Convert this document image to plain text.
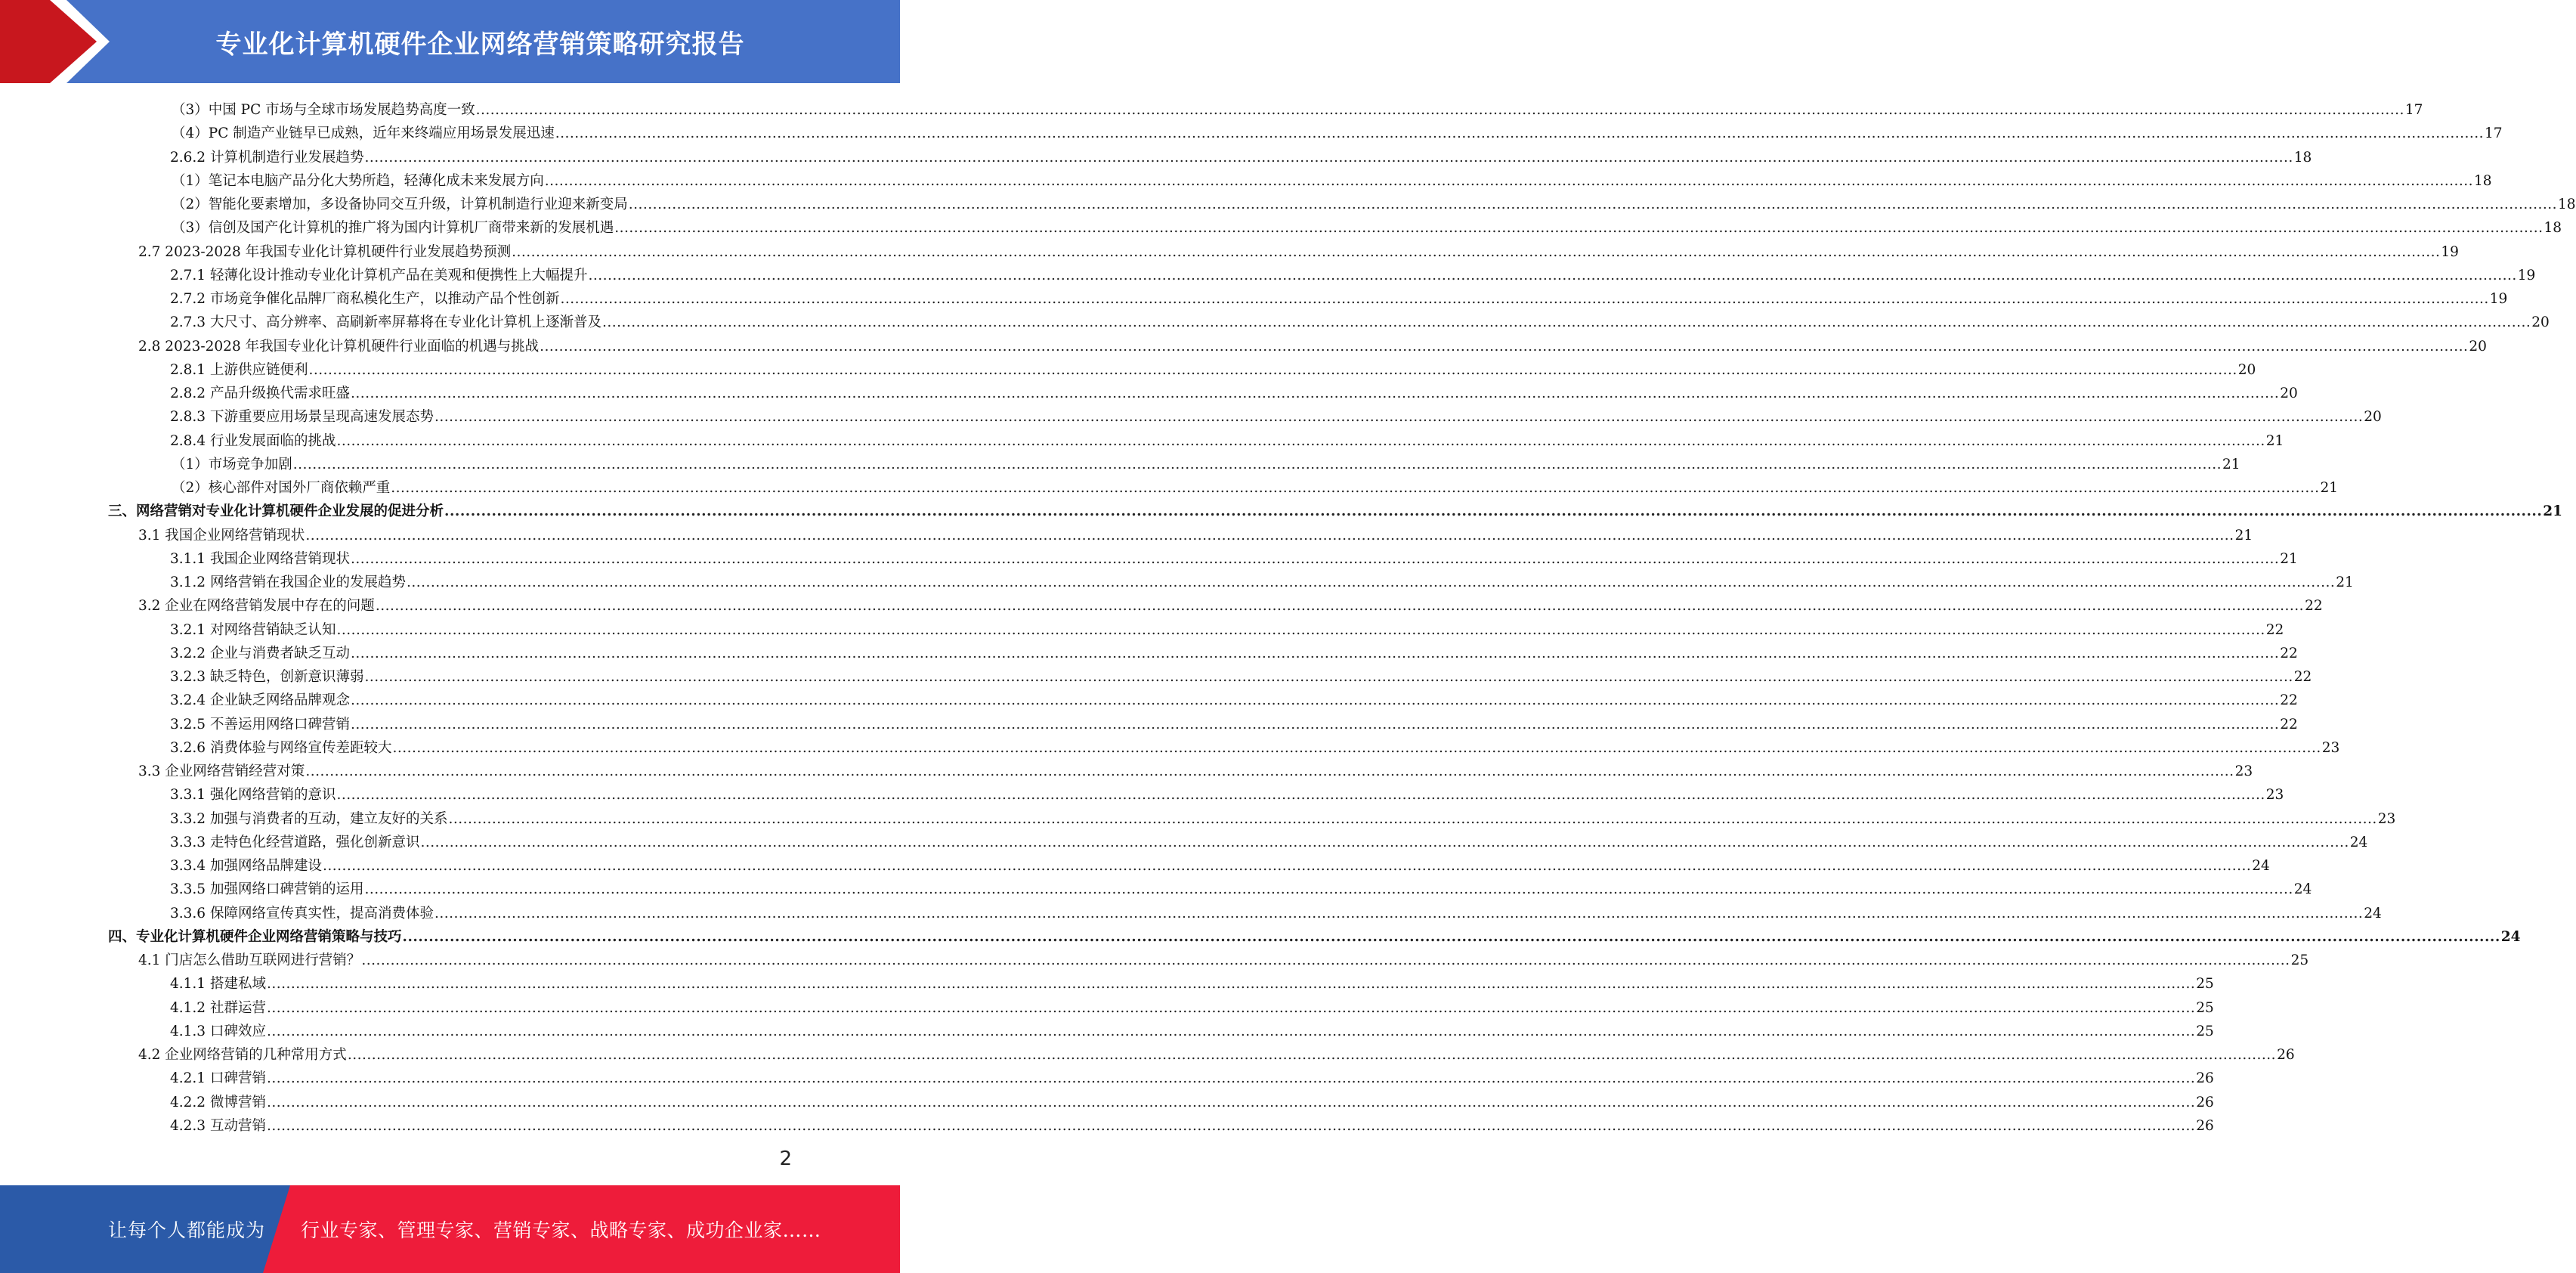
专业化计算机硬件企业网络营销策略研究报告
（3）中国 PC 市场与全球市场发展趋势高度一致 ................................................................................................................................................................................................................................................................................................................................................................................................................ 17
（4）PC 制造产业链早已成熟，近年来终端应用场景发展迅速 ................................................................................................................................................................................................................................................................................................................................................................................................................ 17
2.6.2 计算机制造行业发展趋势 ................................................................................................................................................................................................................................................................................................................................................................................................................ 18
（1）笔记本电脑产品分化大势所趋，轻薄化成未来发展方向 ................................................................................................................................................................................................................................................................................................................................................................................................................ 18
（2）智能化要素增加，多设备协同交互升级，计算机制造行业迎来新变局 ................................................................................................................................................................................................................................................................................................................................................................................................................ 18
（3）信创及国产化计算机的推广将为国内计算机厂商带来新的发展机遇 ................................................................................................................................................................................................................................................................................................................................................................................................................ 18
2.7 2023-2028 年我国专业化计算机硬件行业发展趋势预测 ................................................................................................................................................................................................................................................................................................................................................................................................................ 19
2.7.1 轻薄化设计推动专业化计算机产品在美观和便携性上大幅提升 ................................................................................................................................................................................................................................................................................................................................................................................................................ 19
2.7.2 市场竞争催化品牌厂商私模化生产，以推动产品个性创新 ................................................................................................................................................................................................................................................................................................................................................................................................................ 19
2.7.3 大尺寸、高分辨率、高刷新率屏幕将在专业化计算机上逐渐普及 ................................................................................................................................................................................................................................................................................................................................................................................................................ 20
2.8 2023-2028 年我国专业化计算机硬件行业面临的机遇与挑战 ................................................................................................................................................................................................................................................................................................................................................................................................................ 20
2.8.1 上游供应链便利 ................................................................................................................................................................................................................................................................................................................................................................................................................ 20
2.8.2 产品升级换代需求旺盛 ................................................................................................................................................................................................................................................................................................................................................................................................................ 20
2.8.3 下游重要应用场景呈现高速发展态势 ................................................................................................................................................................................................................................................................................................................................................................................................................ 20
2.8.4 行业发展面临的挑战 ................................................................................................................................................................................................................................................................................................................................................................................................................ 21
（1）市场竞争加剧 ................................................................................................................................................................................................................................................................................................................................................................................................................ 21
（2）核心部件对国外厂商依赖严重 ................................................................................................................................................................................................................................................................................................................................................................................................................ 21
三、网络营销对专业化计算机硬件企业发展的促进分析 ................................................................................................................................................................................................................................................................................................................................................................................................................ 21
3.1 我国企业网络营销现状 ................................................................................................................................................................................................................................................................................................................................................................................................................ 21
3.1.1 我国企业网络营销现状 ................................................................................................................................................................................................................................................................................................................................................................................................................ 21
3.1.2 网络营销在我国企业的发展趋势 ................................................................................................................................................................................................................................................................................................................................................................................................................ 21
3.2 企业在网络营销发展中存在的问题 ................................................................................................................................................................................................................................................................................................................................................................................................................ 22
3.2.1 对网络营销缺乏认知 ................................................................................................................................................................................................................................................................................................................................................................................................................ 22
3.2.2 企业与消费者缺乏互动 ................................................................................................................................................................................................................................................................................................................................................................................................................ 22
3.2.3 缺乏特色，创新意识薄弱 ................................................................................................................................................................................................................................................................................................................................................................................................................ 22
3.2.4 企业缺乏网络品牌观念 ................................................................................................................................................................................................................................................................................................................................................................................................................ 22
3.2.5 不善运用网络口碑营销 ................................................................................................................................................................................................................................................................................................................................................................................................................ 22
3.2.6 消费体验与网络宣传差距较大 ................................................................................................................................................................................................................................................................................................................................................................................................................ 23
3.3 企业网络营销经营对策 ................................................................................................................................................................................................................................................................................................................................................................................................................ 23
3.3.1 强化网络营销的意识 ................................................................................................................................................................................................................................................................................................................................................................................................................ 23
3.3.2 加强与消费者的互动，建立友好的关系 ................................................................................................................................................................................................................................................................................................................................................................................................................ 23
3.3.3 走特色化经营道路，强化创新意识 ................................................................................................................................................................................................................................................................................................................................................................................................................ 24
3.3.4 加强网络品牌建设 ................................................................................................................................................................................................................................................................................................................................................................................................................ 24
3.3.5 加强网络口碑营销的运用 ................................................................................................................................................................................................................................................................................................................................................................................................................ 24
3.3.6 保障网络宣传真实性，提高消费体验 ................................................................................................................................................................................................................................................................................................................................................................................................................ 24
四、专业化计算机硬件企业网络营销策略与技巧 ................................................................................................................................................................................................................................................................................................................................................................................................................ 24
4.1 门店怎么借助互联网进行营销？ ................................................................................................................................................................................................................................................................................................................................................................................................................ 25
4.1.1 搭建私域 ................................................................................................................................................................................................................................................................................................................................................................................................................ 25
4.1.2 社群运营 ................................................................................................................................................................................................................................................................................................................................................................................................................ 25
4.1.3 口碑效应 ................................................................................................................................................................................................................................................................................................................................................................................................................ 25
4.2 企业网络营销的几种常用方式 ................................................................................................................................................................................................................................................................................................................................................................................................................ 26
4.2.1 口碑营销 ................................................................................................................................................................................................................................................................................................................................................................................................................ 26
4.2.2 微博营销 ................................................................................................................................................................................................................................................................................................................................................................................................................ 26
4.2.3 互动营销 ................................................................................................................................................................................................................................................................................................................................................................................................................ 26
2
让每个人都能成为 行业专家、管理专家、营销专家、战略专家、成功企业家……
